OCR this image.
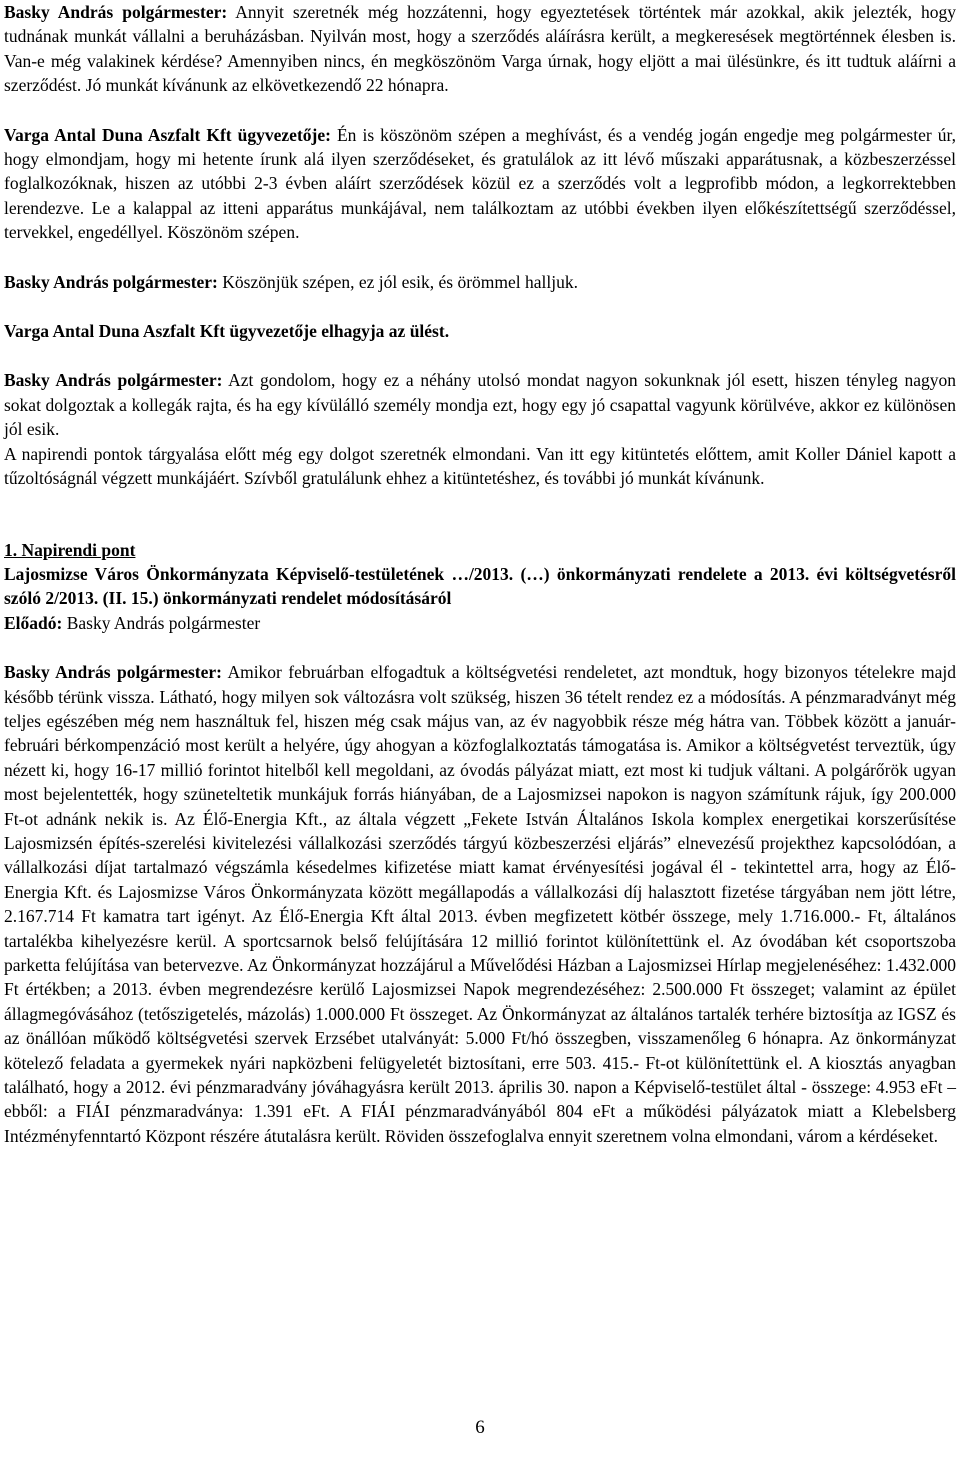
Basky András polgármester: Annyit szeretnék még hozzátenni, hogy egyeztetések történtek már azokkal, akik jelezték, hogy tudnának munkát vállalni a beruházásban. Nyilván most, hogy a szerződés aláírásra került, a megkeresések megtörténnek élesben is. Van-e még valakinek kérdése? Amennyiben nincs, én megköszönöm Varga úrnak, hogy eljött a mai ülésünkre, és itt tudtuk aláírni a szerződést. Jó munkát kívánunk az elkövetkezendő 22 hónapra.

Varga Antal Duna Aszfalt Kft ügyvezetője: Én is köszönöm szépen a meghívást, és a vendég jogán engedje meg polgármester úr, hogy elmondjam, hogy mi hetente írunk alá ilyen szerződéseket, és gratulálok az itt lévő műszaki apparátusnak, a közbeszerzéssel foglalkozóknak, hiszen az utóbbi 2-3 évben aláírt szerződések közül ez a szerződés volt a legprofibb módon, a legkorrektebben lerendezve. Le a kalappal az itteni apparátus munkájával, nem találkoztam az utóbbi években ilyen előkészítettségű szerződéssel, tervekkel, engedéllyel. Köszönöm szépen.

Basky András polgármester: Köszönjük szépen, ez jól esik, és örömmel halljuk.

Varga Antal Duna Aszfalt Kft ügyvezetője elhagyja az ülést.

Basky András polgármester: Azt gondolom, hogy ez a néhány utolsó mondat nagyon sokunknak jól esett, hiszen tényleg nagyon sokat dolgoztak a kollegák rajta, és ha egy kívülálló személy mondja ezt, hogy egy jó csapattal vagyunk körülvéve, akkor ez különösen jól esik.

A napirendi pontok tárgyalása előtt még egy dolgot szeretnék elmondani. Van itt egy kitüntetés előttem, amit Koller Dániel kapott a tűzoltóságnál végzett munkájáért. Szívből gratulálunk ehhez a kitüntetéshez, és további jó munkát kívánunk.

1. Napirendi pont

Lajosmizse Város Önkormányzata Képviselő-testületének …/2013. (…) önkormányzati rendelete a 2013. évi költségvetésről szóló 2/2013. (II. 15.) önkormányzati rendelet módosításáról

Előadó: Basky András polgármester

Basky András polgármester: Amikor februárban elfogadtuk a költségvetési rendeletet, azt mondtuk, hogy bizonyos tételekre majd később térünk vissza. Látható, hogy milyen sok változásra volt szükség, hiszen 36 tételt rendez ez a módosítás. A pénzmaradványt még teljes egészében még nem használtuk fel, hiszen még csak május van, az év nagyobbik része még hátra van. Többek között a január-februári bérkompenzáció most került a helyére, úgy ahogyan a közfoglalkoztatás támogatása is. Amikor a költségvetést terveztük, úgy nézett ki, hogy 16-17 millió forintot hitelből kell megoldani, az óvodás pályázat miatt, ezt most ki tudjuk váltani. A polgárőrök ugyan most bejelentették, hogy szüneteltetik munkájuk forrás hiányában, de a Lajosmizsei napokon is nagyon számítunk rájuk, így 200.000 Ft-ot adnánk nekik is. Az Élő-Energia Kft., az általa végzett „Fekete István Általános Iskola komplex energetikai korszerűsítése Lajosmizsén építés-szerelési kivitelezési vállalkozási szerződés tárgyú közbeszerzési eljárás” elnevezésű projekthez kapcsolódóan, a vállalkozási díjat tartalmazó végszámla késedelmes kifizetése miatt kamat érvényesítési jogával él - tekintettel arra, hogy az Élő-Energia Kft. és Lajosmizse Város Önkormányzata között megállapodás a vállalkozási díj halasztott fizetése tárgyában nem jött létre, 2.167.714 Ft kamatra tart igényt. Az Élő-Energia Kft által 2013. évben megfizetett kötbér összege, mely 1.716.000.- Ft, általános tartalékba kihelyezésre kerül. A sportcsarnok belső felújítására 12 millió forintot különítettünk el. Az óvodában két csoportszoba parketta felújítása van betervezve. Az Önkormányzat hozzájárul a Művelődési Házban a Lajosmizsei Hírlap megjelenéséhez: 1.432.000 Ft értékben; a 2013. évben megrendezésre kerülő Lajosmizsei Napok megrendezéséhez: 2.500.000 Ft összeget; valamint az épület állagmegóvásához (tetőszigetelés, mázolás) 1.000.000 Ft összeget. Az Önkormányzat az általános tartalék terhére biztosítja az IGSZ és az önállóan működő költségvetési szervek Erzsébet utalványát: 5.000 Ft/hó összegben, visszamenőleg 6 hónapra. Az önkormányzat kötelező feladata a gyermekek nyári napközbeni felügyeletét biztosítani, erre 503. 415.- Ft-ot különítettünk el. A kiosztás anyagban található, hogy a 2012. évi pénzmaradvány jóváhagyásra került 2013. április 30. napon a Képviselő-testület által - összege: 4.953 eFt – ebből: a FIÁI pénzmaradványa: 1.391 eFt. A FIÁI pénzmaradványából 804 eFt a működési pályázatok miatt a Klebelsberg Intézményfenntartó Központ részére átutalásra került. Röviden összefoglalva ennyit szeretnem volna elmondani, várom a kérdéseket.

6
